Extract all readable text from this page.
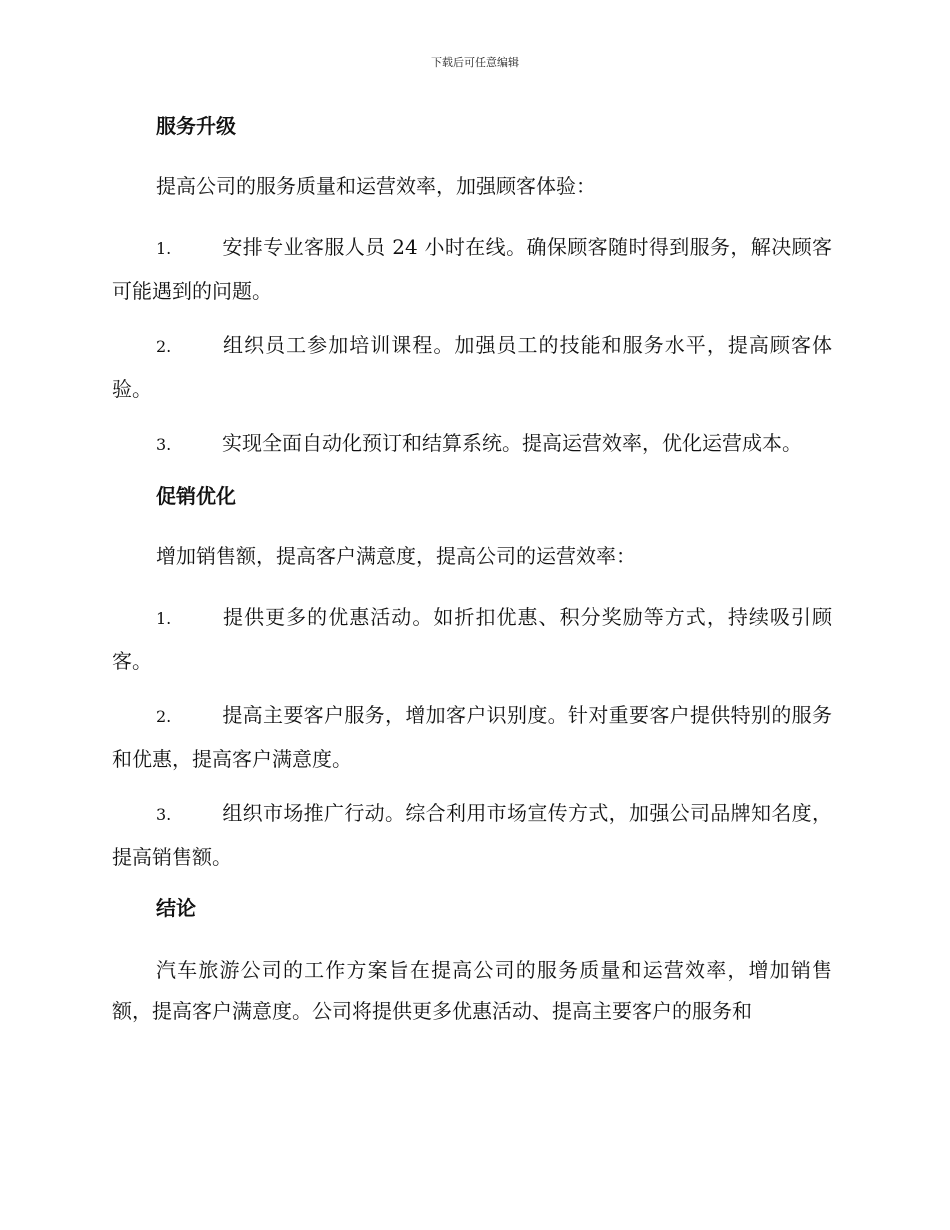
下载后可任意编辑
服务升级
提高公司的服务质量和运营效率，加强顾客体验：
1.	安排专业客服人员 24 小时在线。确保顾客随时得到服务，解决顾客可能遇到的问题。
2.	组织员工参加培训课程。加强员工的技能和服务水平，提高顾客体验。
3.	实现全面自动化预订和结算系统。提高运营效率，优化运营成本。
促销优化
增加销售额，提高客户满意度，提高公司的运营效率：
1.	提供更多的优惠活动。如折扣优惠、积分奖励等方式，持续吸引顾客。
2.	提高主要客户服务，增加客户识别度。针对重要客户提供特别的服务和优惠，提高客户满意度。
3.	组织市场推广行动。综合利用市场宣传方式，加强公司品牌知名度，提高销售额。
结论
汽车旅游公司的工作方案旨在提高公司的服务质量和运营效率，增加销售额，提高客户满意度。公司将提供更多优惠活动、提高主要客户的服务和
